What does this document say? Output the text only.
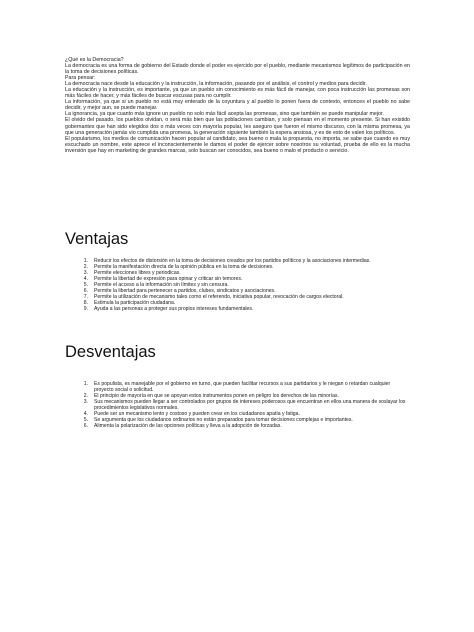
¿Qué es la Democracia?

La democracia es una forma de gobierno del Estado donde el poder es ejercido por el pueblo, mediante mecanismos legítimos de participación en la toma de decisiones políticas.

Para pensar:

La democracia nace desde la educación y la instrucción, la información, pasando por el análisis, el control y medios para decidir.

La educación y la instrucción, es importante, ya que un pueblo sin conocimiento es más fácil de manejar, con poca instrucción las promesas son más fáciles de hacer, y más fáciles de buscar escusas para no cumplir.

La información, ya que si un pueblo no está muy enterado de la coyuntura y al pueblo lo ponen fuera de contexto, entonces el pueblo no sabe decidir, y mejor aun, se puede manejar.

La ignorancia, ya que cuanto más ignore un pueblo no solo más fácil acepta las promesas, sino que también se puede manipular mejor.

El olvido del pasado, los pueblos olvidan, o será más bien que las poblaciones cambian, y solo piensan en el momento presente. Si han existido gobernantes que han sido elegidos dos o más veces con mayoría popular, les aseguro que fueron el mismo discurso, con la misma promesa, ya que una generación jamás vio cumplida una promesa, la generación siguiente también la espera ansiosa, y es de esto de valen los políticos.

El popularismo, los medios de comunicación hacen popular al candidato, sea bueno o mala la propuesta, no importa, se sabe que cuando es muy escuchado un nombre, este aprece el inconscientemente le damos el poder de ejercer sobre nosotros su voluntad, prueba de ello es la mucha inversión que hay en marketing de grandes marcas, solo buscan ser conocidos, sea bueno o malo el producto o servicio.

Ventajas
1.	Reducir los efectos de distorsión en la toma de decisiones creados por los partidos políticos y la asociaciones intermedias.
2.	Permite la manifestación directa de la opinión pública en la toma de decisiones.
3.	Permite elecciones libres y periodicas.
4.	Permite la libertad de expresión para opinar y criticar sin temores.
5.	Permite el acceso a la información sin límites y sin censura.
6.	Permite la libertad para pertenecer a partidos, clubes, sindicatos y asociaciones.
7.	Permite la utilización de mecanismo tales como el referendo, iniciativa popular, revocación de cargos electoral.
8.	Estimula la participación ciudadana.
9.	Ayuda a las personas a proteger sus propios intereses fundamentales.
Desventajas
1.	Es populista, es manejable por el gobierno en turno, que pueden facilitar recursos a sus partidarios y le niegan o retardan cualquier proyecto social o solicitud.
2.	El principio de mayoría en que se apoyan estos instrumentos ponen en peligro los derechos de las minorías.
3.	Sus mecanismos pueden llegar a ser controlados por grupos de intereses poderosos que encuentran en ellos una manera de soslayar los procedimientos legislativos normales.
4.	Puede ser un mecanismo lento y costoso y pueden crear en los ciudadanos apatía y fatiga.
5.	Se argumenta que los ciudadanos ordinarios no están preparados para tomar decisiones complejas e importantes.
6.	Alimenta la polarización de las opciones políticas y lleva a la adopción de forzadas.
